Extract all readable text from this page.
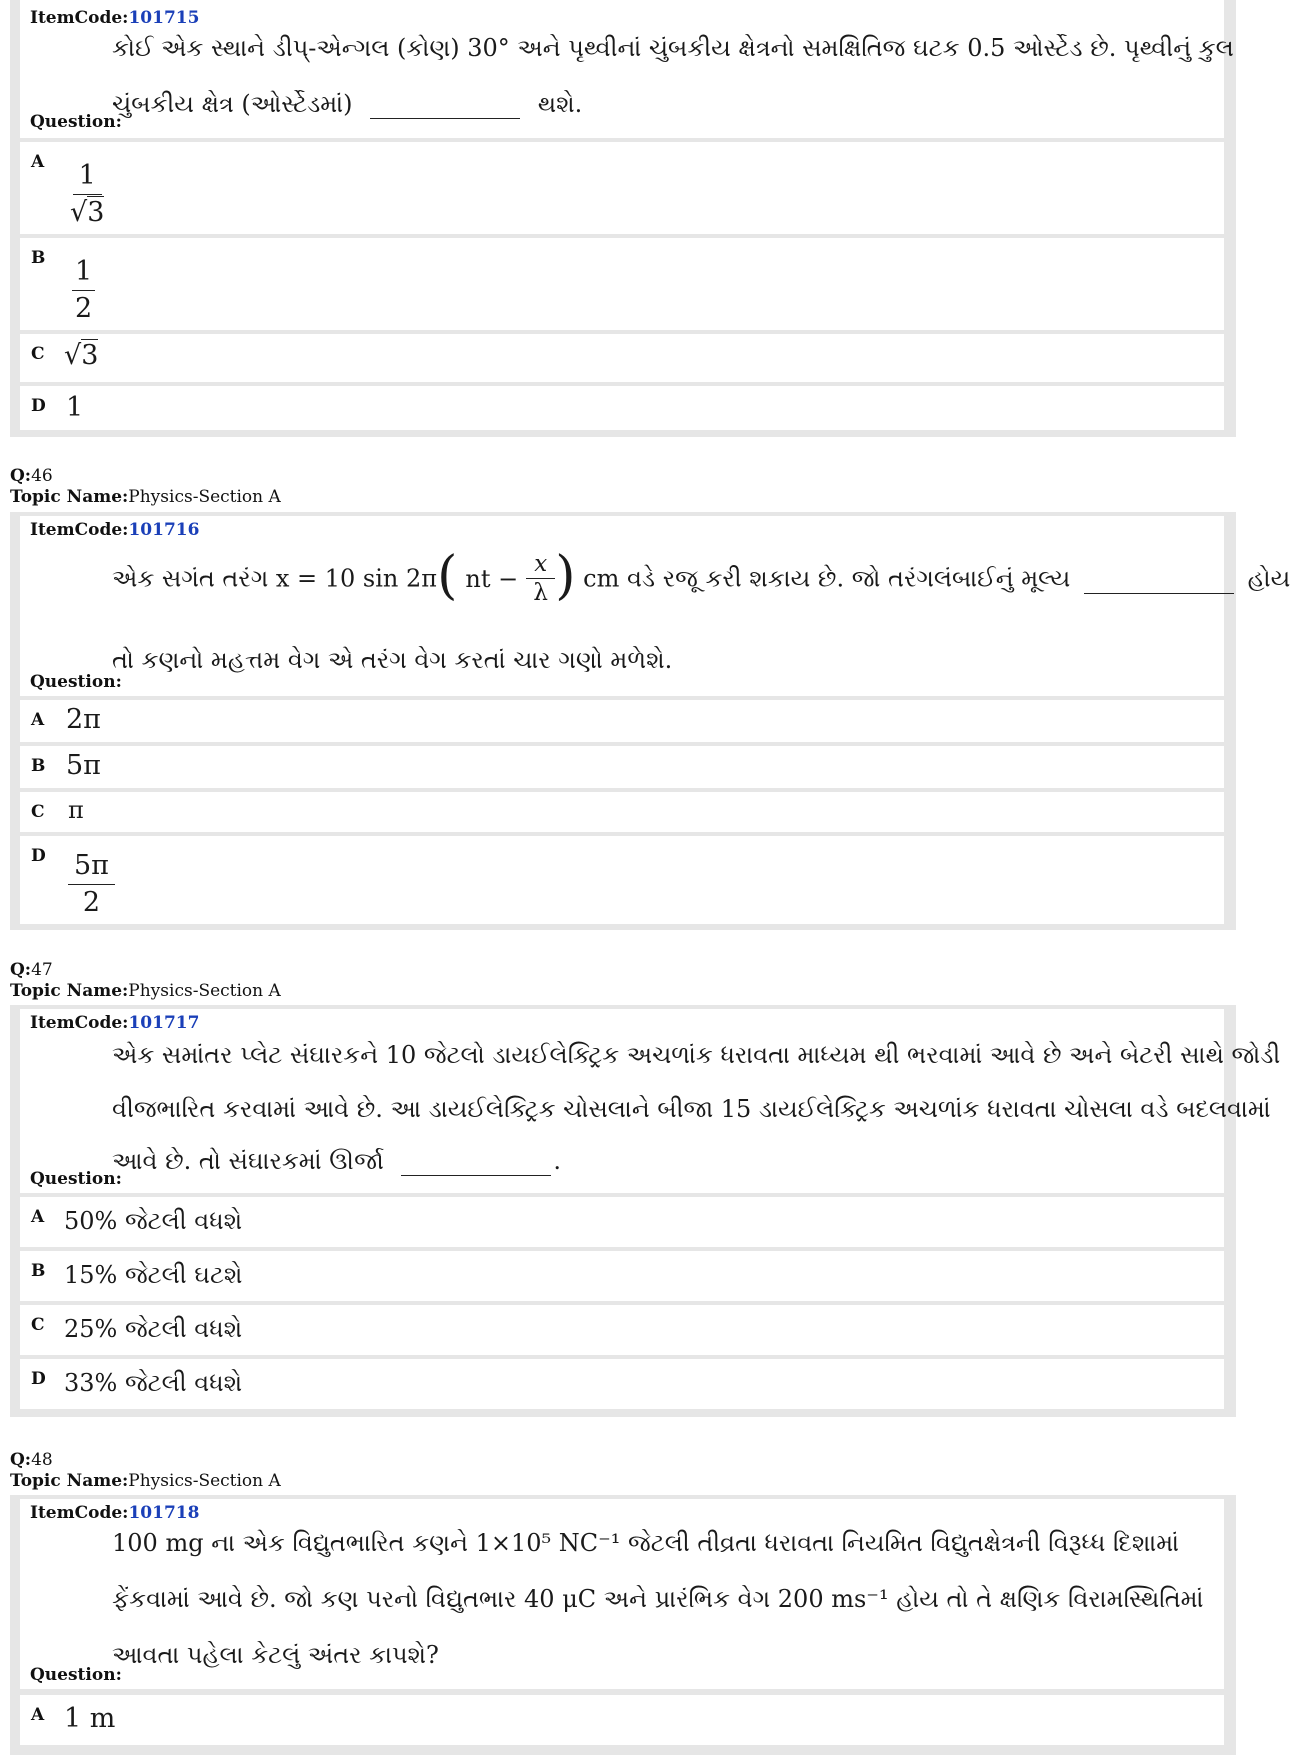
ItemCode:101715
કોઈ એક સ્થાને ડીપ્-એન્ગલ (કોણ) 30° અને પૃથ્વીનાં ચુંબકીય ક્ષેત્રનો સમક્ષિતિજ ઘટક 0.5 ઓર્સ્ટેડ છે. પૃથ્વીનું કુલ
ચુંબકીય ક્ષેત્ર (ઓર્સ્ટેડમાં)	થશે.
Question:
A $\frac{1}{√3}$
B $\frac{1}{2}$
C √3
D 1
Q:46
Topic Name:Physics-Section A
ItemCode:101716
એક સગંત તરંગ x = 10 sin 2π( nt − $\frac{x}{\lambda}$ ) cm વડે રજૂ કરી શકાય છે. જો તરંગલંબાઈનું મૂલ્ય	હોય
તો કણનો મહત્તમ વેગ એ તરંગ વેગ કરતાં ચાર ગણો મળેશે.
Question:
A 2π
B 5π
C π
D $\frac{5\pi}{2}$
Q:47
Topic Name:Physics-Section A
ItemCode:101717
એક સમાંતર પ્લેટ સંઘારકને 10 જેટલો ડાયઈલેક્ટ્રિક અચળાંક ધરાવતા માધ્યમ થી ભરવામાં આવે છે અને બેટરી સાથે જોડી
વીજભારિત કરવામાં આવે છે. આ ડાયઈલેક્ટ્રિક ચોસલાને બીજા 15 ડાયઈલેક્ટ્રિક અચળાંક ધરાવતા ચોસલા વડે બદલવામાં
આવે છે. તો સંઘારકમાં ઊર્જા	.
Question:
A 50% જેટલી વધશે
B 15% જેટલી ઘટશે
C 25% જેટલી વધશે
D 33% જેટલી વધશે
Q:48
Topic Name:Physics-Section A
ItemCode:101718
100 mg ના એક વિદ્યુતભારિત કણને 1×10⁵ NC⁻¹ જેટલી તીવ્રતા ધરાવતા નિયમિત વિદ્યુતક્ષેત્રની વિરૂધ્ધ દિશામાં
ફેંકવામાં આવે છે. જો કણ પરનો વિદ્યુતભાર 40 μC અને પ્રારંભિક વેગ 200 ms⁻¹ હોય તો તે ક્ષણિક વિરામસ્થિતિમાં
આવતા પહેલા કેટલું અંતર કાપશે?
Question:
A 1 m
